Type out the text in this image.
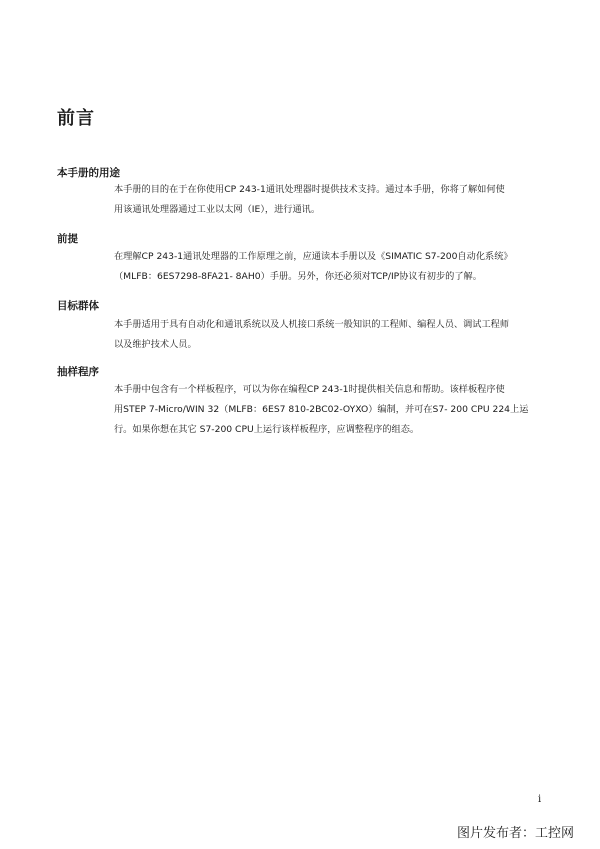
前言
本手册的用途
本手册的目的在于在你使用CP 243-1通讯处理器时提供技术支持。通过本手册，你将了解如何使
用该通讯处理器通过工业以太网（IE），进行通讯。
前提
在理解CP 243-1通讯处理器的工作原理之前，应通读本手册以及《SIMATIC S7-200自动化系统》
（MLFB：6ES7298-8FA21- 8AH0）手册。另外，你还必须对TCP/IP协议有初步的了解。
目标群体
本手册适用于具有自动化和通讯系统以及人机接口系统一般知识的工程师、编程人员、调试工程师
以及维护技术人员。
抽样程序
本手册中包含有一个样板程序，可以为你在编程CP 243-1时提供相关信息和帮助。该样板程序使
用STEP 7-Micro/WIN 32（MLFB：6ES7 810-2BC02-OYXO）编制，并可在S7- 200 CPU 224上运
行。如果你想在其它 S7-200 CPU上运行该样板程序，应调整程序的组态。
i
图片发布者：工控网
